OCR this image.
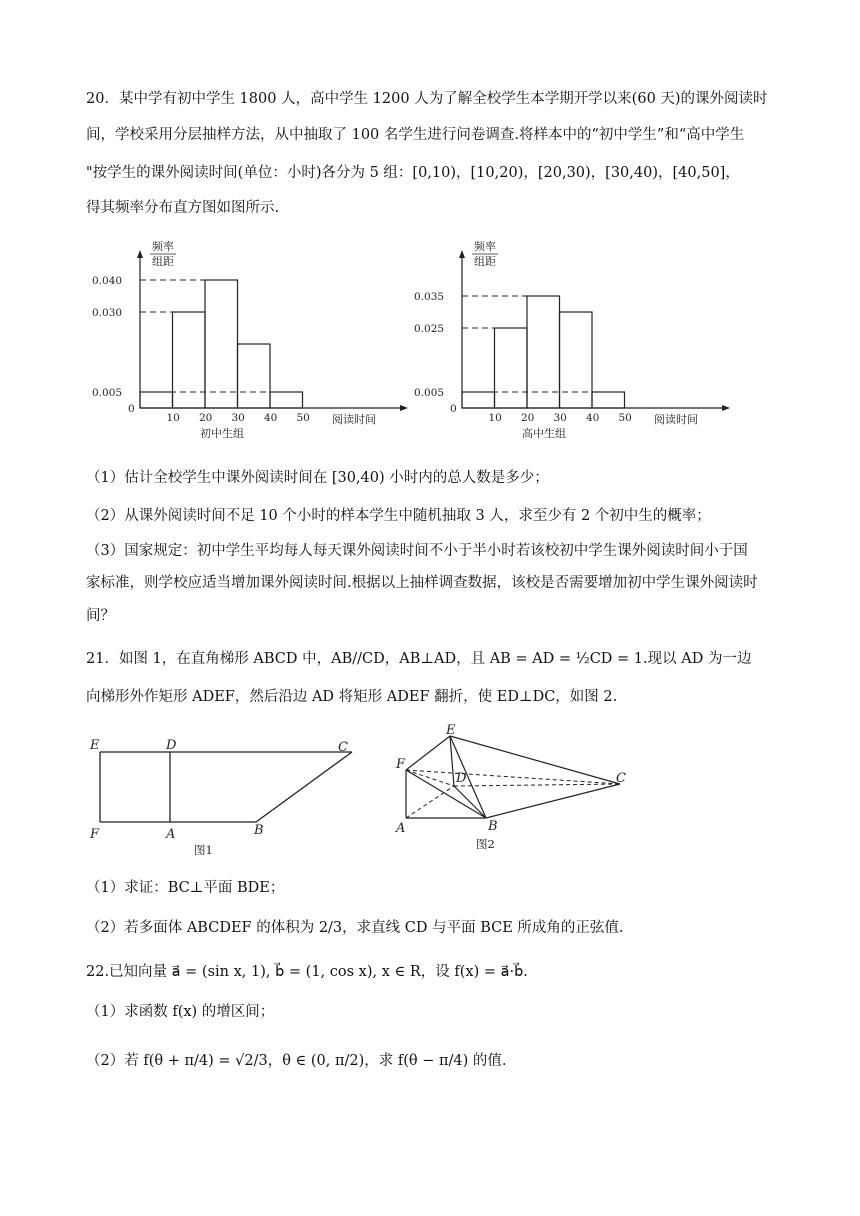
20．某中学有初中学生 1800 人，高中学生 1200 人为了解全校学生本学期开学以来(60 天)的课外阅读时
间，学校采用分层抽样方法，从中抽取了 100 名学生进行问卷调查.将样本中的“初中学生”和“高中学生
"按学生的课外阅读时间(单位：小时)各分为 5 组：[0,10)，[10,20)，[20,30)，[30,40)，[40,50]，
得其频率分布直方图如图所示.
频率
组距
0.040
0.030
0.005
0
10 20 30 40 50 阅读时间
初中生组
频率
组距
0.035
0.025
0.005
0
10 20 30 40 50 阅读时间
高中生组
（1）估计全校学生中课外阅读时间在 [30,40) 小时内的总人数是多少；
（2）从课外阅读时间不足 10 个小时的样本学生中随机抽取 3 人，求至少有 2 个初中生的概率；
（3）国家规定：初中学生平均每人每天课外阅读时间不小于半小时若该校初中学生课外阅读时间小于国
家标准，则学校应适当增加课外阅读时间.根据以上抽样调查数据，该校是否需要增加初中学生课外阅读时
间？
21．如图 1，在直角梯形 ABCD 中，AB//CD，AB⊥AD，且 AB = AD = ½CD = 1.现以 AD 为一边
向梯形外作矩形 ADEF，然后沿边 AD 将矩形 ADEF 翻折，使 ED⊥DC，如图 2.
E	D	C
F	A	B
图1
E
F
D	C
A	B
图2
（1）求证：BC⊥平面 BDE；
（2）若多面体 ABCDEF 的体积为 2/3，求直线 CD 与平面 BCE 所成角的正弦值.
22.已知向量 a⃗ = (sin x, 1), b⃗ = (1, cos x), x ∈ R，设 f(x) = a⃗·b⃗.
（1）求函数 f(x) 的增区间；
（2）若 f(θ + π/4) = √2/3，θ ∈ (0, π/2)，求 f(θ − π/4) 的值.
